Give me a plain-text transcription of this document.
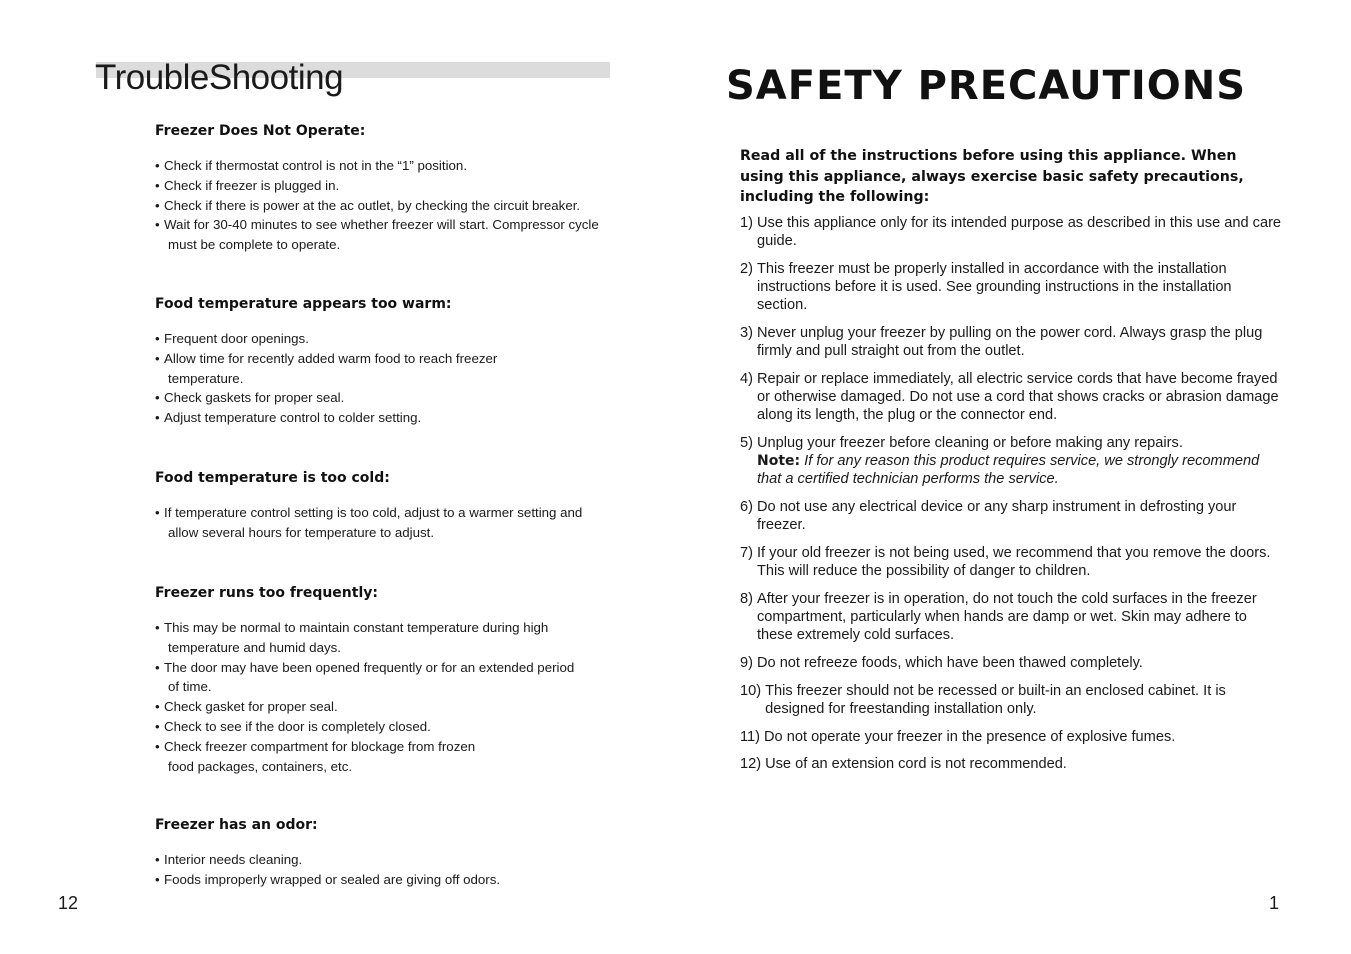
TroubleShooting
Freezer Does Not Operate:
• Check if thermostat control is not in the “1” position.
• Check if freezer is plugged in.
• Check if there is power at the ac outlet, by checking the circuit breaker.
• Wait for 30-40 minutes to see whether freezer will start. Compressor cycle must be complete to operate.
Food temperature appears too warm:
• Frequent door openings.
• Allow time for recently added warm food to reach freezer temperature.
• Check gaskets for proper seal.
• Adjust temperature control to colder setting.
Food temperature is too cold:
• If temperature control setting is too cold, adjust to a warmer setting and allow several hours for temperature to adjust.
Freezer runs too frequently:
• This may be normal to maintain constant temperature during high temperature and humid days.
• The door may have been opened frequently or for an extended period of time.
• Check gasket for proper seal.
• Check to see if the door is completely closed.
• Check freezer compartment for blockage from frozen food packages, containers, etc.
Freezer has an odor:
• Interior needs cleaning.
• Foods improperly wrapped or sealed are giving off odors.
12
SAFETY PRECAUTIONS

Read all of the instructions before using this appliance. When using this appliance, always exercise basic safety precautions, including the following:

1) Use this appliance only for its intended purpose as described in this use and care guide.
2) This freezer must be properly installed in accordance with the installation instructions before it is used. See grounding instructions in the installation section.
3) Never unplug your freezer by pulling on the power cord. Always grasp the plug firmly and pull straight out from the outlet.
4) Repair or replace immediately, all electric service cords that have become frayed or otherwise damaged. Do not use a cord that shows cracks or abrasion damage along its length, the plug or the connector end.
5) Unplug your freezer before cleaning or before making any repairs.
Note: If for any reason this product requires service, we strongly recommend that a certified technician performs the service.
6) Do not use any electrical device or any sharp instrument in defrosting your freezer.
7) If your old freezer is not being used, we recommend that you remove the doors. This will reduce the possibility of danger to children.
8) After your freezer is in operation, do not touch the cold surfaces in the freezer compartment, particularly when hands are damp or wet. Skin may adhere to these extremely cold surfaces.
9) Do not refreeze foods, which have been thawed completely.
10) This freezer should not be recessed or built-in an enclosed cabinet. It is designed for freestanding installation only.
11) Do not operate your freezer in the presence of explosive fumes.
12) Use of an extension cord is not recommended.
1
